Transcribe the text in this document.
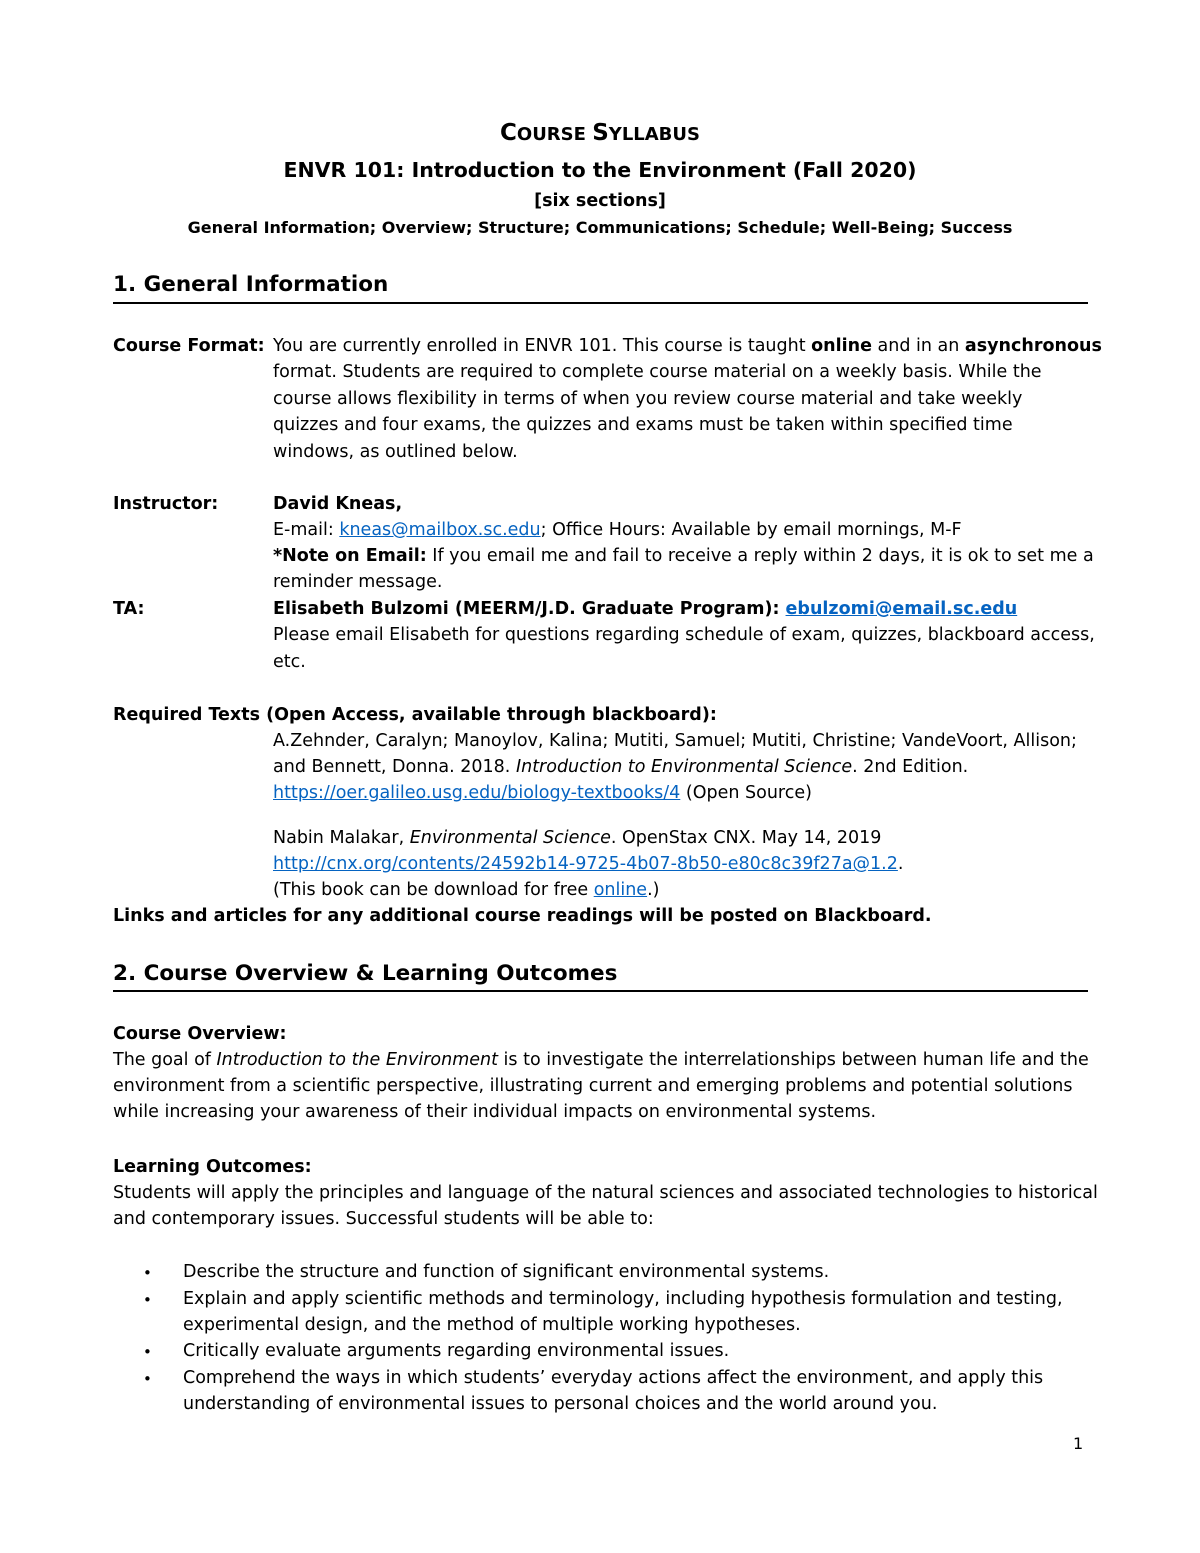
COURSE SYLLABUS
ENVR 101: Introduction to the Environment (Fall 2020)
[six sections]
General Information; Overview; Structure; Communications; Schedule; Well-Being; Success
1. General Information
Course Format: You are currently enrolled in ENVR 101. This course is taught online and in an asynchronous
format. Students are required to complete course material on a weekly basis. While the
course allows flexibility in terms of when you review course material and take weekly
quizzes and four exams, the quizzes and exams must be taken within specified time
windows, as outlined below.
Instructor:	David Kneas,
E-mail: kneas@mailbox.sc.edu; Office Hours: Available by email mornings, M-F
*Note on Email: If you email me and fail to receive a reply within 2 days, it is ok to set me a
reminder message.
TA:	Elisabeth Bulzomi (MEERM/J.D. Graduate Program): ebulzomi@email.sc.edu
Please email Elisabeth for questions regarding schedule of exam, quizzes, blackboard access,
etc.
Required Texts (Open Access, available through blackboard):
A.Zehnder, Caralyn; Manoylov, Kalina; Mutiti, Samuel; Mutiti, Christine; VandeVoort, Allison;
and Bennett, Donna. 2018. Introduction to Environmental Science. 2nd Edition.
https://oer.galileo.usg.edu/biology-textbooks/4 (Open Source)
Nabin Malakar, Environmental Science. OpenStax CNX. May 14, 2019
http://cnx.org/contents/24592b14-9725-4b07-8b50-e80c8c39f27a@1.2.
(This book can be download for free online.)
Links and articles for any additional course readings will be posted on Blackboard.
2. Course Overview & Learning Outcomes
Course Overview:
The goal of Introduction to the Environment is to investigate the interrelationships between human life and the
environment from a scientific perspective, illustrating current and emerging problems and potential solutions
while increasing your awareness of their individual impacts on environmental systems.
Learning Outcomes:
Students will apply the principles and language of the natural sciences and associated technologies to historical
and contemporary issues. Successful students will be able to:
• Describe the structure and function of significant environmental systems.
• Explain and apply scientific methods and terminology, including hypothesis formulation and testing,
experimental design, and the method of multiple working hypotheses.
• Critically evaluate arguments regarding environmental issues.
• Comprehend the ways in which students’ everyday actions affect the environment, and apply this
understanding of environmental issues to personal choices and the world around you.
1
